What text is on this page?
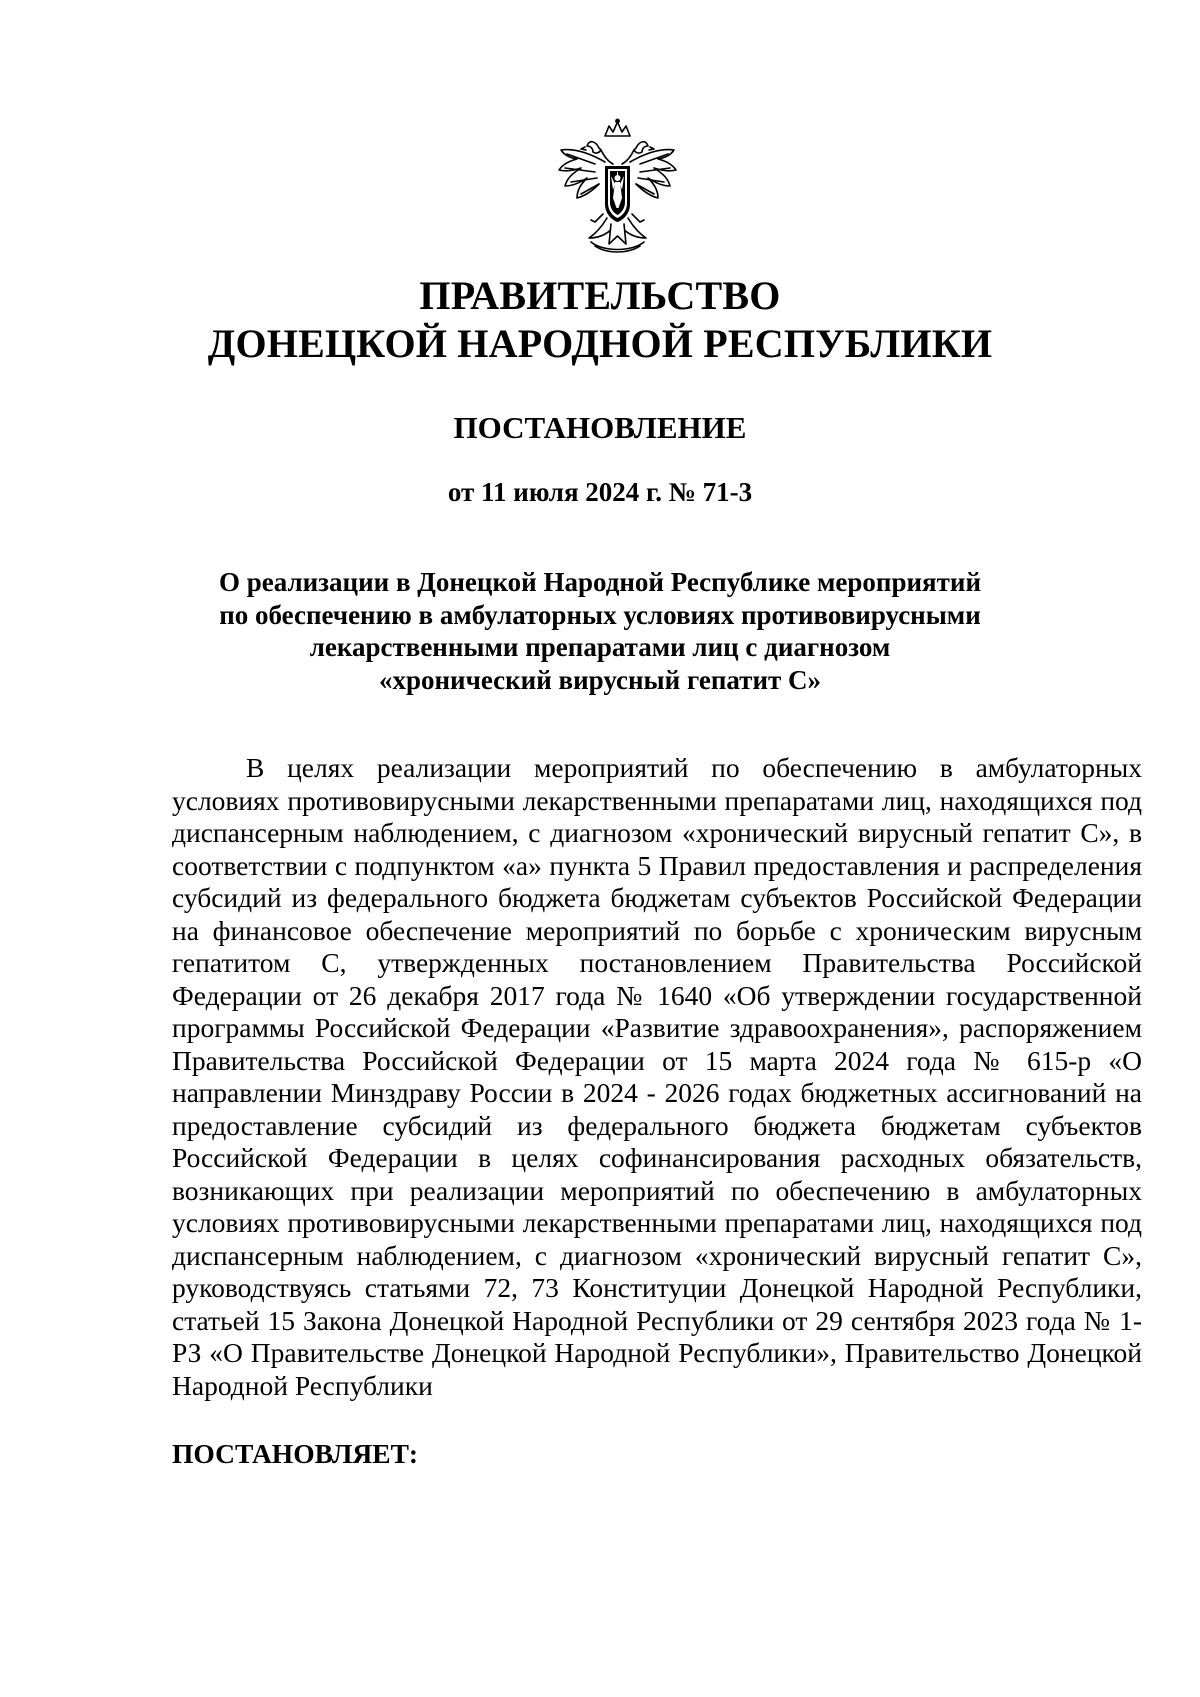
ПРАВИТЕЛЬСТВО
ДОНЕЦКОЙ НАРОДНОЙ РЕСПУБЛИКИ
ПОСТАНОВЛЕНИЕ
от 11 июля 2024 г. № 71-3
О реализации в Донецкой Народной Республике мероприятий
по обеспечению в амбулаторных условиях противовирусными
лекарственными препаратами лиц с диагнозом
«хронический вирусный гепатит С»

В целях реализации мероприятий по обеспечению в амбулаторных условиях противовирусными лекарственными препаратами лиц, находящихся под диспансерным наблюдением, с диагнозом «хронический вирусный гепатит С», в соответствии с подпунктом «а» пункта 5 Правил предоставления и распределения субсидий из федерального бюджета бюджетам субъектов Российской Федерации на финансовое обеспечение мероприятий по борьбе с хроническим вирусным гепатитом С, утвержденных постановлением Правительства Российской Федерации от 26 декабря 2017 года № 1640 «Об утверждении государственной программы Российской Федерации «Развитие здравоохранения», распоряжением Правительства Российской Федерации от 15 марта 2024 года № 615-р «О направлении Минздраву России в 2024 - 2026 годах бюджетных ассигнований на предоставление субсидий из федерального бюджета бюджетам субъектов Российской Федерации в целях софинансирования расходных обязательств, возникающих при реализации мероприятий по обеспечению в амбулаторных условиях противовирусными лекарственными препаратами лиц, находящихся под диспансерным наблюдением, с диагнозом «хронический вирусный гепатит С», руководствуясь статьями 72, 73 Конституции Донецкой Народной Республики, статьей 15 Закона Донецкой Народной Республики от 29 сентября 2023 года № 1-РЗ «О Правительстве Донецкой Народной Республики», Правительство Донецкой Народной Республики

ПОСТАНОВЛЯЕТ:
